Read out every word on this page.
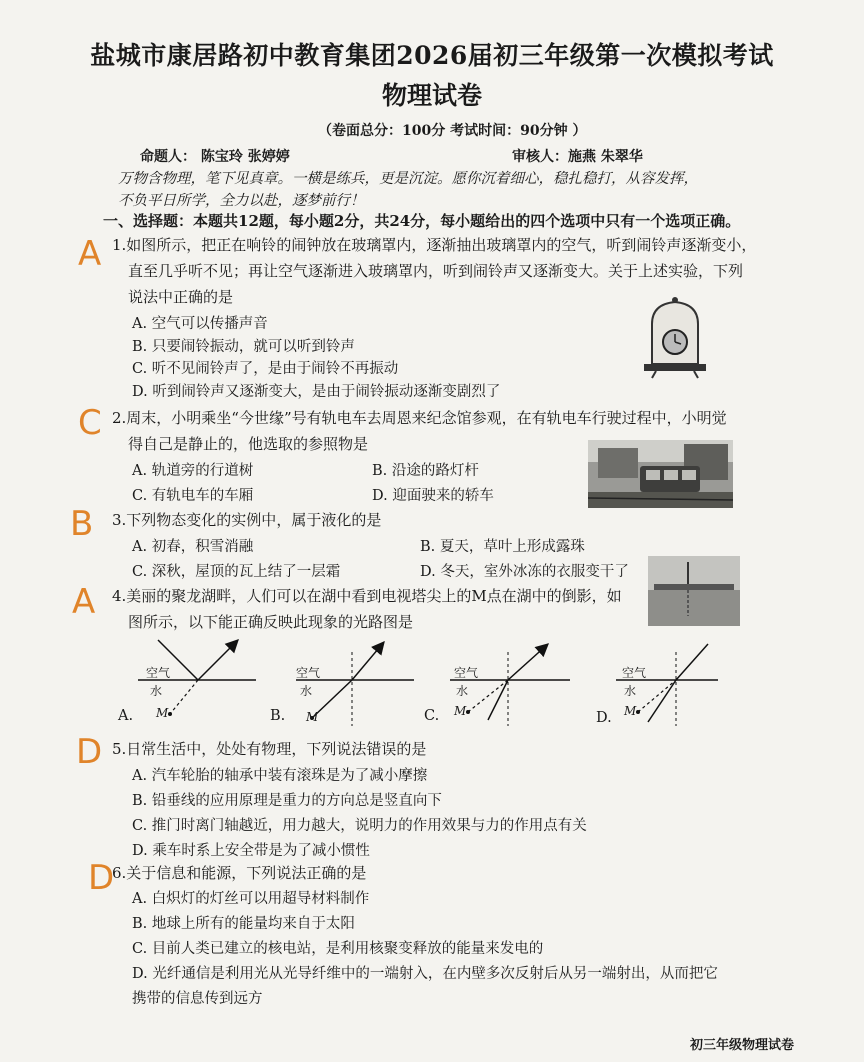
盐城市康居路初中教育集团2026届初三年级第一次模拟考试
物理试卷
（卷面总分：100分 考试时间：90分钟 ）
命题人： 陈宝玲 张婷婷	审核人：施燕 朱翠华
万物含物理，笔下见真章。一横是练兵，更是沉淀。愿你沉着细心，稳扎稳打，从容发挥，
不负平日所学，全力以赴，逐梦前行！
一、选择题：本题共12题，每小题2分，共24分，每小题给出的四个选项中只有一个选项正确。
A 1.如图所示，把正在响铃的闹钟放在玻璃罩内，逐渐抽出玻璃罩内的空气，听到闹铃声逐渐变小，
直至几乎听不见；再让空气逐渐进入玻璃罩内，听到闹铃声又逐渐变大。关于上述实验，下列
说法中正确的是
A. 空气可以传播声音
B. 只要闹铃振动，就可以听到铃声
C. 听不见闹铃声了，是由于闹铃不再振动
D. 听到闹铃声又逐渐变大，是由于闹铃振动逐渐变剧烈了
C 2.周末，小明乘坐“今世缘”号有轨电车去周恩来纪念馆参观，在有轨电车行驶过程中，小明觉
得自己是静止的，他选取的参照物是
A. 轨道旁的行道树	B. 沿途的路灯杆
C. 有轨电车的车厢	D. 迎面驶来的轿车
B 3.下列物态变化的实例中，属于液化的是
A. 初春，积雪消融	B. 夏天，草叶上形成露珠
C. 深秋，屋顶的瓦上结了一层霜	D. 冬天，室外冰冻的衣服变干了
A 4.美丽的聚龙湖畔，人们可以在湖中看到电视塔尖上的M点在湖中的倒影，如
图所示，以下能正确反映此现象的光路图是
空气
水
M
A.
空气
水
M
B.
空气
水
M
C.
空气
水
M
D.
D 5.日常生活中，处处有物理，下列说法错误的是
A. 汽车轮胎的轴承中装有滚珠是为了减小摩擦
B. 铅垂线的应用原理是重力的方向总是竖直向下
C. 推门时离门轴越近，用力越大，说明力的作用效果与力的作用点有关
D. 乘车时系上安全带是为了减小惯性
D
6.关于信息和能源，下列说法正确的是
A. 白炽灯的灯丝可以用超导材料制作
B. 地球上所有的能量均来自于太阳
C. 目前人类已建立的核电站，是利用核聚变释放的能量来发电的
D. 光纤通信是利用光从光导纤维中的一端射入，在内壁多次反射后从另一端射出，从而把它
携带的信息传到远方
初三年级物理试卷
